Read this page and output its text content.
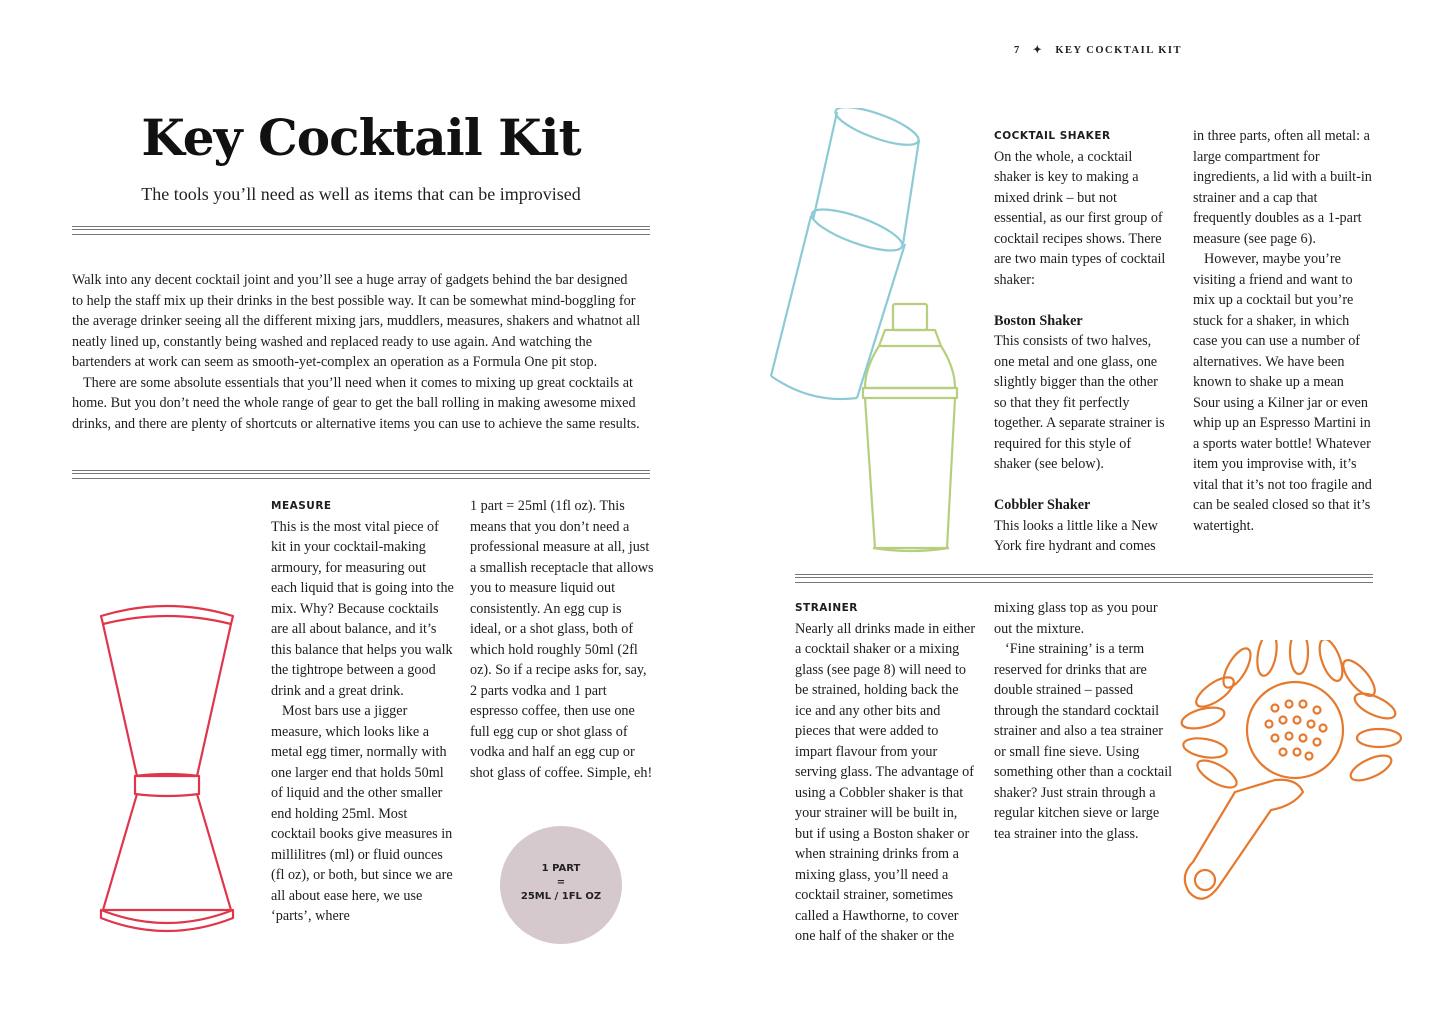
7 ✦ KEY COCKTAIL KIT
Key Cocktail Kit
The tools you’ll need as well as items that can be improvised

Walk into any decent cocktail joint and you’ll see a huge array of gadgets behind the bar designed to help the staff mix up their drinks in the best possible way. It can be somewhat mind-boggling for the average drinker seeing all the different mixing jars, muddlers, measures, shakers and whatnot all neatly lined up, constantly being washed and replaced ready to use again. And watching the bartenders at work can seem as smooth-yet-complex an operation as a Formula One pit stop.

There are some absolute essentials that you’ll need when it comes to mixing up great cocktails at home. But you don’t need the whole range of gear to get the ball rolling in making awesome mixed drinks, and there are plenty of shortcuts or alternative items you can use to achieve the same results.

MEASURE

This is the most vital piece of kit in your cocktail-making armoury, for measuring out each liquid that is going into the mix. Why? Because cocktails are all about balance, and it’s this balance that helps you walk the tightrope between a good drink and a great drink.

Most bars use a jigger measure, which looks like a metal egg timer, normally with one larger end that holds 50ml of liquid and the other smaller end holding 25ml. Most cocktail books give measures in millilitres (ml) or fluid ounces (fl oz), or both, but since we are all about ease here, we use ‘parts’, where

1 part = 25ml (1fl oz). This means that you don’t need a professional measure at all, just a smallish receptacle that allows you to measure liquid out consistently. An egg cup is ideal, or a shot glass, both of which hold roughly 50ml (2fl oz). So if a recipe asks for, say, 2 parts vodka and 1 part espresso coffee, then use one full egg cup or shot glass of vodka and half an egg cup or shot glass of coffee. Simple, eh!

1 PART
=
25ML / 1FL OZ
COCKTAIL SHAKER

On the whole, a cocktail shaker is key to making a mixed drink – but not essential, as our first group of cocktail recipes shows. There are two main types of cocktail shaker:

Boston Shaker

This consists of two halves, one metal and one glass, one slightly bigger than the other so that they fit perfectly together. A separate strainer is required for this style of shaker (see below).

Cobbler Shaker

This looks a little like a New York fire hydrant and comes

in three parts, often all metal: a large compartment for ingredients, a lid with a built-in strainer and a cap that frequently doubles as a 1-part measure (see page 6).

However, maybe you’re visiting a friend and want to mix up a cocktail but you’re stuck for a shaker, in which case you can use a number of alternatives. We have been known to shake up a mean Sour using a Kilner jar or even whip up an Espresso Martini in a sports water bottle! Whatever item you improvise with, it’s vital that it’s not too fragile and can be sealed closed so that it’s watertight.

STRAINER

Nearly all drinks made in either a cocktail shaker or a mixing glass (see page 8) will need to be strained, holding back the ice and any other bits and pieces that were added to impart flavour from your serving glass. The advantage of using a Cobbler shaker is that your strainer will be built in, but if using a Boston shaker or when straining drinks from a mixing glass, you’ll need a cocktail strainer, sometimes called a Hawthorne, to cover one half of the shaker or the

mixing glass top as you pour out the mixture.

‘Fine straining’ is a term reserved for drinks that are double strained – passed through the standard cocktail strainer and also a tea strainer or small fine sieve. Using something other than a cocktail shaker? Just strain through a regular kitchen sieve or large tea strainer into the glass.
